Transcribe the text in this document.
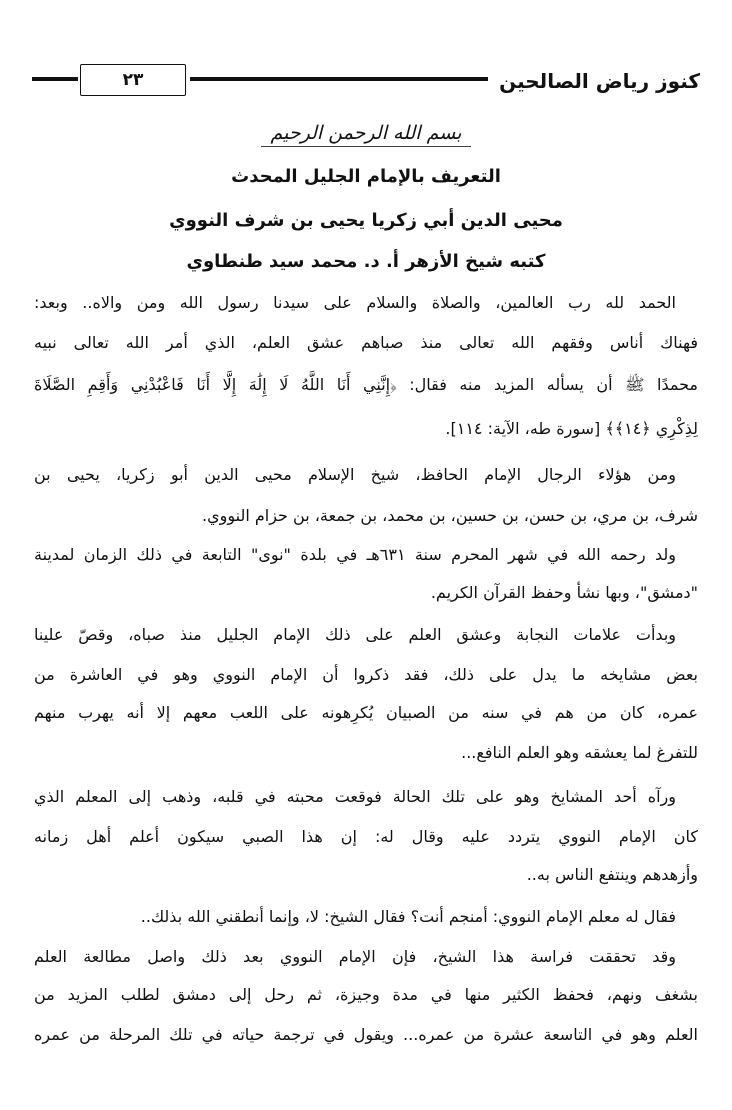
كنوز رياض الصالحين
٢٣
بسم الله الرحمن الرحيم
التعريف بالإمام الجليل المحدث
محيى الدين أبي زكريا يحيى بن شرف النووي
كتبه شيخ الأزهر أ. د. محمد سيد طنطاوي
الحمد لله رب العالمين، والصلاة والسلام على سيدنا رسول الله ومن والاه.. وبعد:
فهناك أناس وفقهم الله تعالى منذ صباهم عشق العلم، الذي أمر الله تعالى نبيه
محمدًا ﷺ أن يسأله المزيد منه فقال: ﴿إِنَّنِي أَنَا اللَّهُ لَا إِلَٰهَ إِلَّا أَنَا فَاعْبُدْنِي وَأَقِمِ الصَّلَاةَ
لِذِكْرِي ﴿١٤﴾﴾ [سورة طه، الآية: ١١٤].
ومن هؤلاء الرجال الإمام الحافظ، شيخ الإسلام محيى الدين أبو زكريا، يحيى بن
شرف، بن مري، بن حسن، بن حسين، بن محمد، بن جمعة، بن حزام النووي.
ولد رحمه الله في شهر المحرم سنة ٦٣١هـ في بلدة "نوى" التابعة في ذلك الزمان لمدينة
"دمشق"، وبها نشأ وحفظ القرآن الكريم.
وبدأت علامات النجابة وعشق العلم على ذلك الإمام الجليل منذ صباه، وقصّ علينا
بعض مشايخه ما يدل على ذلك، فقد ذكروا أن الإمام النووي وهو في العاشرة من
عمره، كان من هم في سنه من الصبيان يُكرِهونه على اللعب معهم إلا أنه يهرب منهم
للتفرغ لما يعشقه وهو العلم النافع...
ورآه أحد المشايخ وهو على تلك الحالة فوقعت محبته في قلبه، وذهب إلى المعلم الذي
كان الإمام النووي يتردد عليه وقال له: إن هذا الصبي سيكون أعلم أهل زمانه
وأزهدهم وينتفع الناس به..
فقال له معلم الإمام النووي: أمنجم أنت؟ فقال الشيخ: لا، وإنما أنطقني الله بذلك..
وقد تحققت فراسة هذا الشيخ، فإن الإمام النووي بعد ذلك واصل مطالعة العلم
بشغف ونهم، فحفظ الكثير منها في مدة وجيزة، ثم رحل إلى دمشق لطلب المزيد من
العلم وهو في التاسعة عشرة من عمره... ويقول في ترجمة حياته في تلك المرحلة من عمره
